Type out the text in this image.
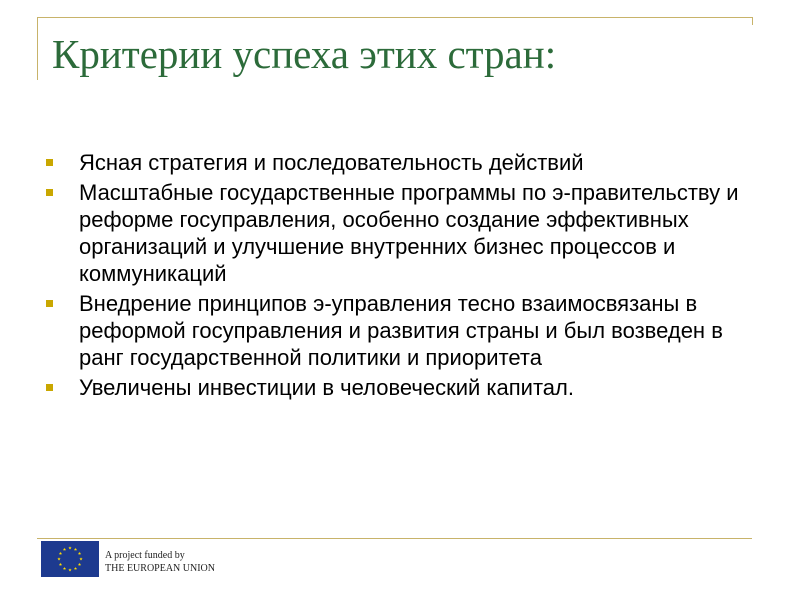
Критерии успеха этих стран:
Ясная стратегия и последовательность действий
Масштабные государственные программы по э-правительству и реформе госуправления, особенно создание эффективных организаций и улучшение внутренних бизнес процессов и коммуникаций
Внедрение принципов э-управления тесно взаимосвязаны в реформой госуправления и развития страны и был возведен в ранг государственной политики и приоритета
Увеличены инвестиции в человеческий капитал.
A project funded by
THE EUROPEAN UNION
